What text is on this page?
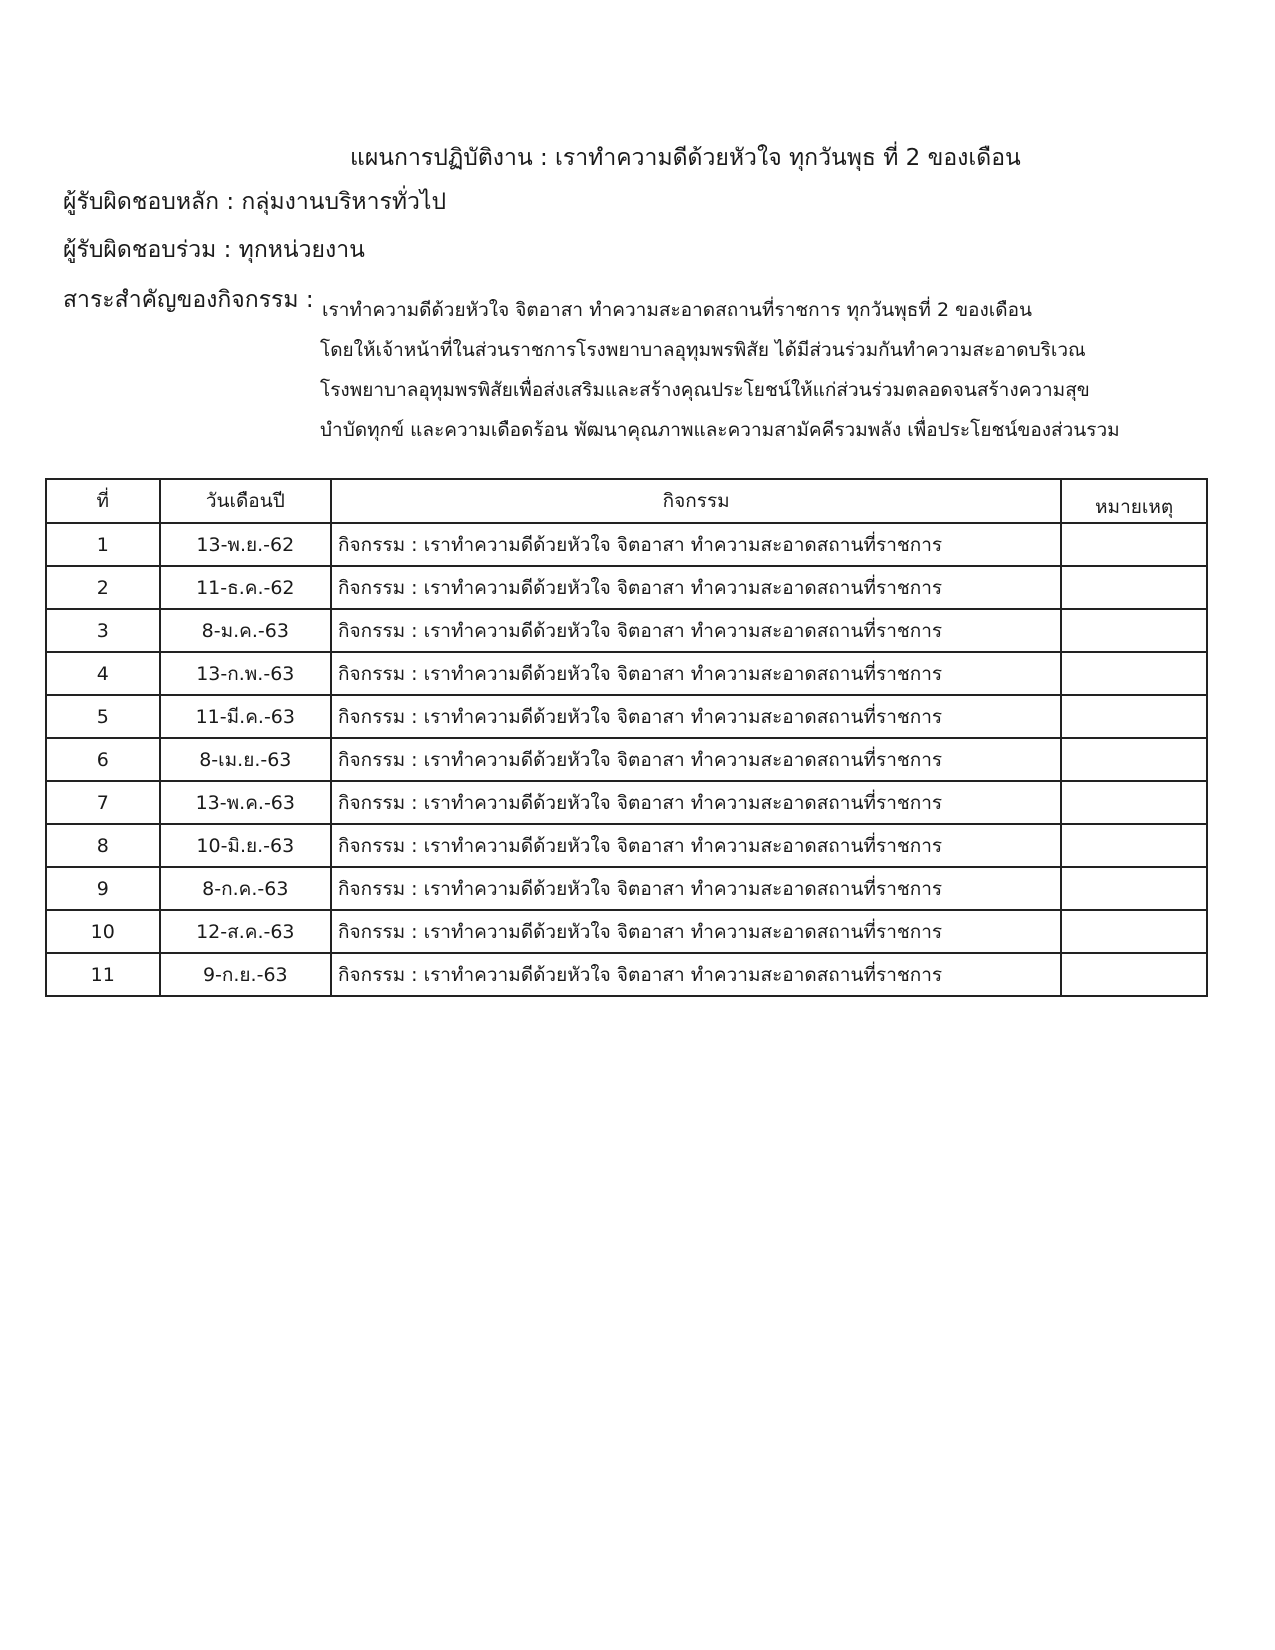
แผนการปฏิบัติงาน : เราทำความดีด้วยหัวใจ ทุกวันพุธ ที่ 2 ของเดือน
ผู้รับผิดชอบหลัก : กลุ่มงานบริหารทั่วไป
ผู้รับผิดชอบร่วม : ทุกหน่วยงาน
สาระสำคัญของกิจกรรม : เราทำความดีด้วยหัวใจ จิตอาสา ทำความสะอาดสถานที่ราชการ ทุกวันพุธที่ 2 ของเดือน
โดยให้เจ้าหน้าที่ในส่วนราชการโรงพยาบาลอุทุมพรพิสัย ได้มีส่วนร่วมกันทำความสะอาดบริเวณ
โรงพยาบาลอุทุมพรพิสัยเพื่อส่งเสริมและสร้างคุณประโยชน์ให้แก่ส่วนร่วมตลอดจนสร้างความสุข
บำบัดทุกข์ และความเดือดร้อน พัฒนาคุณภาพและความสามัคคีรวมพลัง เพื่อประโยชน์ของส่วนรวม
ที่	วันเดือนปี	กิจกรรม	หมายเหตุ
1	13-พ.ย.-62	กิจกรรม : เราทำความดีด้วยหัวใจ จิตอาสา ทำความสะอาดสถานที่ราชการ	
2	11-ธ.ค.-62	กิจกรรม : เราทำความดีด้วยหัวใจ จิตอาสา ทำความสะอาดสถานที่ราชการ	
3	8-ม.ค.-63	กิจกรรม : เราทำความดีด้วยหัวใจ จิตอาสา ทำความสะอาดสถานที่ราชการ	
4	13-ก.พ.-63	กิจกรรม : เราทำความดีด้วยหัวใจ จิตอาสา ทำความสะอาดสถานที่ราชการ	
5	11-มี.ค.-63	กิจกรรม : เราทำความดีด้วยหัวใจ จิตอาสา ทำความสะอาดสถานที่ราชการ	
6	8-เม.ย.-63	กิจกรรม : เราทำความดีด้วยหัวใจ จิตอาสา ทำความสะอาดสถานที่ราชการ	
7	13-พ.ค.-63	กิจกรรม : เราทำความดีด้วยหัวใจ จิตอาสา ทำความสะอาดสถานที่ราชการ	
8	10-มิ.ย.-63	กิจกรรม : เราทำความดีด้วยหัวใจ จิตอาสา ทำความสะอาดสถานที่ราชการ	
9	8-ก.ค.-63	กิจกรรม : เราทำความดีด้วยหัวใจ จิตอาสา ทำความสะอาดสถานที่ราชการ	
10	12-ส.ค.-63	กิจกรรม : เราทำความดีด้วยหัวใจ จิตอาสา ทำความสะอาดสถานที่ราชการ	
11	9-ก.ย.-63	กิจกรรม : เราทำความดีด้วยหัวใจ จิตอาสา ทำความสะอาดสถานที่ราชการ	
